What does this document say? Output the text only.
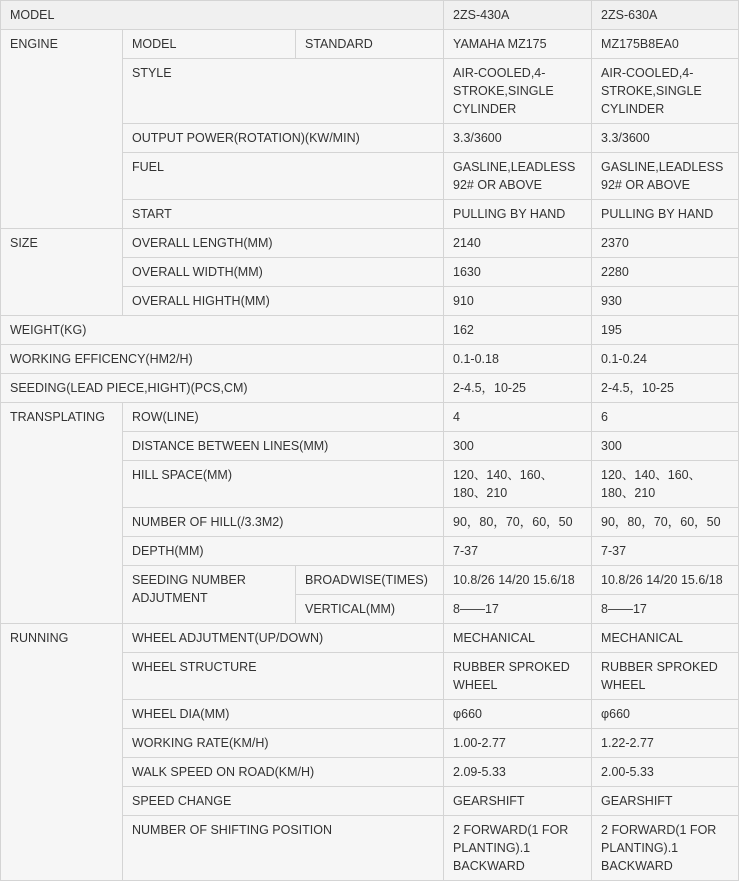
MODEL			2ZS-430A	2ZS-630A
ENGINE	MODEL	STANDARD	YAMAHA MZ175	MZ175B8EA0
	STYLE		AIR-COOLED,4-STROKE,SINGLE CYLINDER	AIR-COOLED,4-STROKE,SINGLE CYLINDER
	OUTPUT POWER(ROTATION)(KW/MIN)		3.3/3600	3.3/3600
	FUEL		GASLINE,LEADLESS 92# OR ABOVE	GASLINE,LEADLESS 92# OR ABOVE
	START		PULLING BY HAND	PULLING BY HAND
SIZE	OVERALL LENGTH(MM)		2140	2370
	OVERALL WIDTH(MM)		1630	2280
	OVERALL HIGHTH(MM)		910	930
WEIGHT(KG)			162	195
WORKING EFFICENCY(HM2/H)			0.1-0.18	0.1-0.24
SEEDING(LEAD PIECE,HIGHT)(PCS,CM)			2-4.5，10-25	2-4.5，10-25
TRANSPLATING	ROW(LINE)		4	6
	DISTANCE BETWEEN LINES(MM)		300	300
	HILL SPACE(MM)		120、140、160、180、210	120、140、160、180、210
	NUMBER OF HILL(/3.3M2)		90，80，70，60，50	90，80，70，60，50
	DEPTH(MM)		7-37	7-37
	SEEDING NUMBER ADJUTMENT	BROADWISE(TIMES)	10.8/26 14/20 15.6/18	10.8/26 14/20 15.6/18
		VERTICAL(MM)	8——17	8——17
RUNNING	WHEEL ADJUTMENT(UP/DOWN)		MECHANICAL	MECHANICAL
	WHEEL STRUCTURE		RUBBER SPROKED WHEEL	RUBBER SPROKED WHEEL
	WHEEL DIA(MM)		φ660	φ660
	WORKING RATE(KM/H)		1.00-2.77	1.22-2.77
	WALK SPEED ON ROAD(KM/H)		2.09-5.33	2.00-5.33
	SPEED CHANGE		GEARSHIFT	GEARSHIFT
	NUMBER OF SHIFTING POSITION		2 FORWARD(1 FOR PLANTING).1 BACKWARD	2 FORWARD(1 FOR PLANTING).1 BACKWARD
